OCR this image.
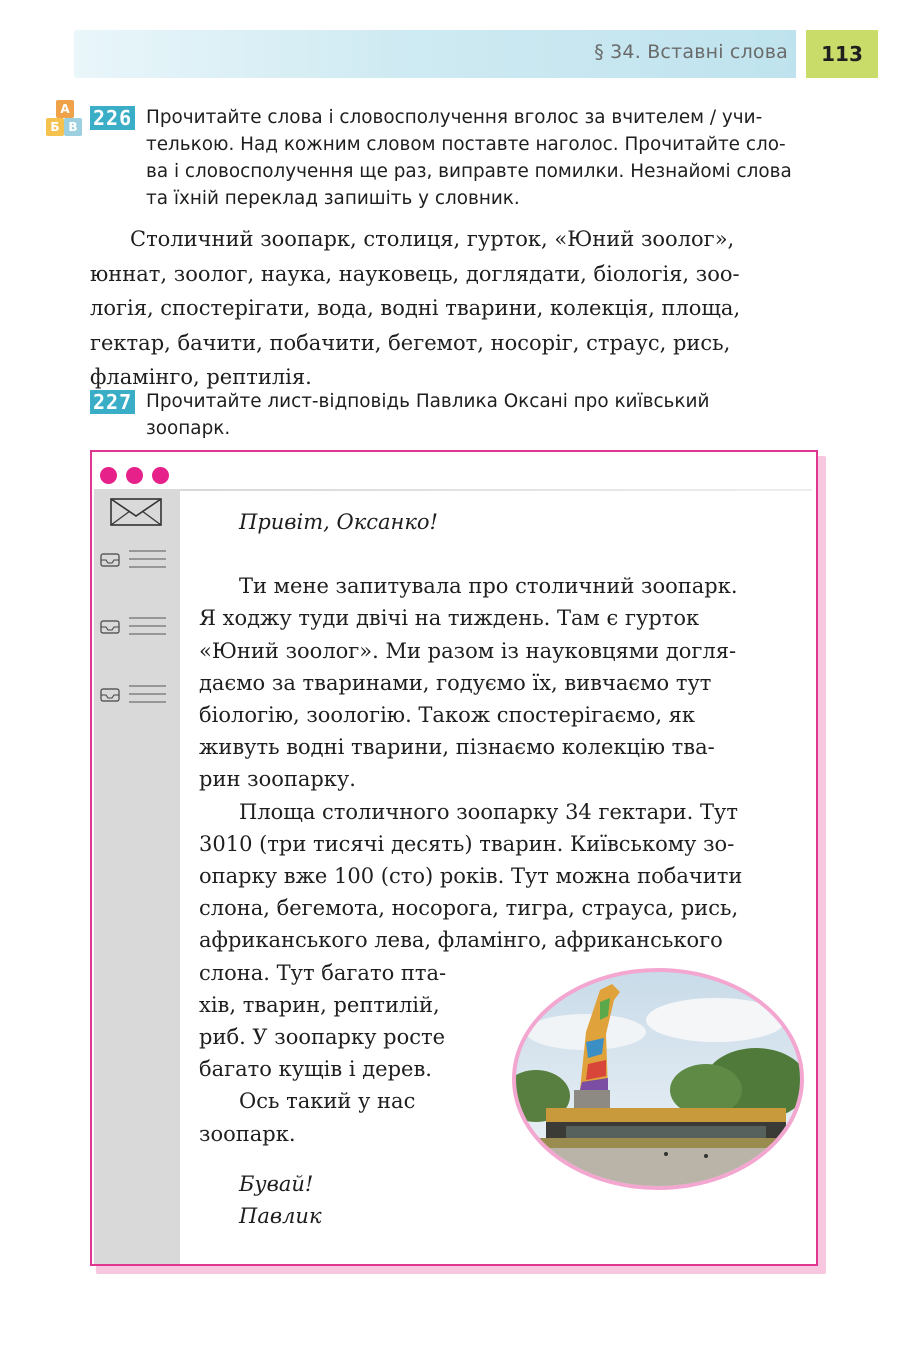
§ 34. Вставні слова	113
A
Б В 226 Прочитайте слова і словосполучення вголос за вчителем / учи-
телькою. Над кожним словом поставте наголос. Прочитайте сло-
ва і словосполучення ще раз, виправте помилки. Незнайомі слова
та їхній переклад запишіть у словник.

Столичний зоопарк, столиця, гурток, «Юний зоолог»,
юннат, зоолог, наука, науковець, доглядати, біологія, зоо-
логія, спостерігати, вода, водні тварини, колекція, площа,
гектар, бачити, побачити, бегемот, носоріг, страус, рись,
фламінго, рептилія.

227 Прочитайте лист-відповідь Павлика Оксані про київський
зоопарк.

Привіт, Оксанко!

Ти мене запитувала про столичний зоопарк.
Я ходжу туди двічі на тиждень. Там є гурток
«Юний зоолог». Ми разом із науковцями догля-
даємо за тваринами, годуємо їх, вивчаємо тут
біологію, зоологію. Також спостерігаємо, як
живуть водні тварини, пізнаємо колекцію тва-
рин зоопарку.

Площа столичного зоопарку 34 гектари. Тут
3010 (три тисячі десять) тварин. Київському зо-
опарку вже 100 (сто) років. Тут можна побачити
слона, бегемота, носорога, тигра, страуса, рись,
африканського лева, фламінго, африканського

слона. Тут багато пта-
хів, тварин, рептилій,
риб. У зоопарку росте
багато кущів і дерев.

Ось такий у нас
зоопарк.

Бувай!

Павлик
